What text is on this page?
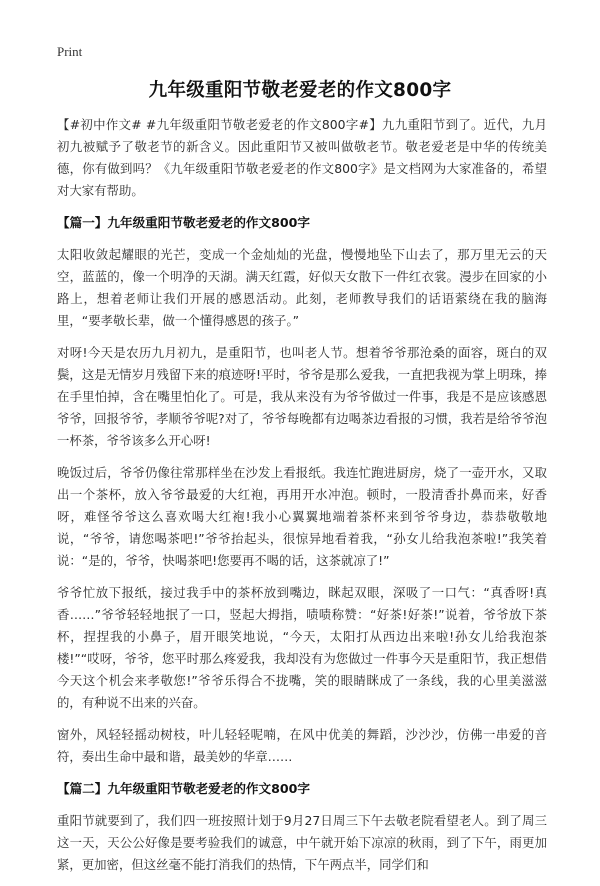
Print
九年级重阳节敬老爱老的作文800字

【#初中作文# #九年级重阳节敬老爱老的作文800字#】九九重阳节到了。近代，九月初九被赋予了敬老节的新含义。因此重阳节又被叫做敬老节。敬老爱老是中华的传统美德，你有做到吗？《九年级重阳节敬老爱老的作文800字》是文档网为大家准备的，希望对大家有帮助。

【篇一】九年级重阳节敬老爱老的作文800字

太阳收敛起耀眼的光芒，变成一个金灿灿的光盘，慢慢地坠下山去了，那万里无云的天空，蓝蓝的，像一个明净的天湖。满天红霞，好似天女散下一件红衣裳。漫步在回家的小路上，想着老师让我们开展的感恩活动。此刻，老师教导我们的话语萦绕在我的脑海里，“要孝敬长辈，做一个懂得感恩的孩子。”

对呀!今天是农历九月初九，是重阳节，也叫老人节。想着爷爷那沧桑的面容，斑白的双鬓，这是无情岁月残留下来的痕迹呀!平时，爷爷是那么爱我，一直把我视为掌上明珠，捧在手里怕掉，含在嘴里怕化了。可是，我从来没有为爷爷做过一件事，我是不是应该感恩爷爷，回报爷爷，孝顺爷爷呢?对了，爷爷每晚都有边喝茶边看报的习惯，我若是给爷爷泡一杯茶，爷爷该多么开心呀!

晚饭过后，爷爷仍像往常那样坐在沙发上看报纸。我连忙跑进厨房，烧了一壶开水，又取出一个茶杯，放入爷爷最爱的大红袍，再用开水冲泡。顿时，一股清香扑鼻而来，好香呀，难怪爷爷这么喜欢喝大红袍!我小心翼翼地端着茶杯来到爷爷身边，恭恭敬敬地说，“爷爷，请您喝茶吧!”爷爷抬起头，很惊异地看着我，“孙女儿给我泡茶啦!”我笑着说：“是的，爷爷，快喝茶吧!您要再不喝的话，这茶就凉了!”

爷爷忙放下报纸，接过我手中的茶杯放到嘴边，眯起双眼，深吸了一口气：“真香呀!真香……”爷爷轻轻地抿了一口，竖起大拇指，啧啧称赞：“好茶!好茶!”说着，爷爷放下茶杯，捏捏我的小鼻子，眉开眼笑地说，“今天，太阳打从西边出来啦!孙女儿给我泡茶楼!”“哎呀，爷爷，您平时那么疼爱我，我却没有为您做过一件事今天是重阳节，我正想借今天这个机会来孝敬您!”爷爷乐得合不拢嘴，笑的眼睛眯成了一条线，我的心里美滋滋的，有种说不出来的兴奋。

窗外，风轻轻摇动树枝，叶儿轻轻呢喃，在风中优美的舞蹈，沙沙沙，仿佛一串爱的音符，奏出生命中最和谐，最美妙的华章……

【篇二】九年级重阳节敬老爱老的作文800字

重阳节就要到了，我们四一班按照计划于9月27日周三下午去敬老院看望老人。到了周三这一天，天公公好像是要考验我们的诚意，中午就开始下凉凉的秋雨，到了下午，雨更加紧，更加密，但这丝毫不能打消我们的热情，下午两点半，同学们和
